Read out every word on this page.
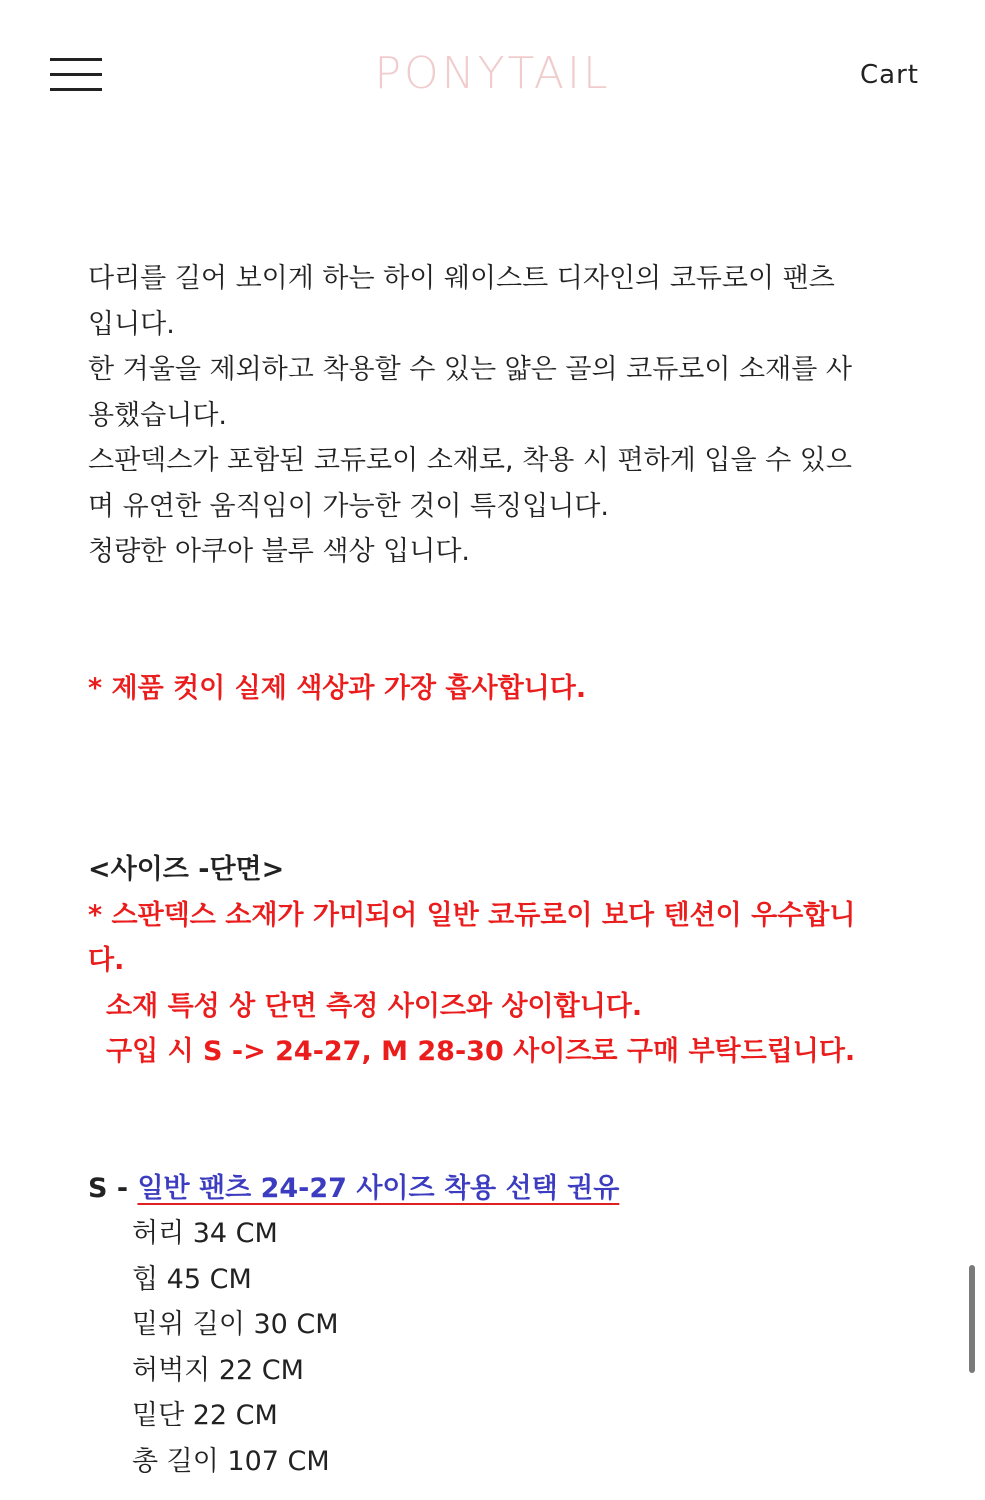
PONYTAIL	Cart

다리를 길어 보이게 하는 하이 웨이스트 디자인의 코듀로이 팬츠

입니다.

한 겨울을 제외하고 착용할 수 있는 얇은 골의 코듀로이 소재를 사

용했습니다.

스판덱스가 포함된 코듀로이 소재로, 착용 시 편하게 입을 수 있으

며 유연한 움직임이 가능한 것이 특징입니다.

청량한 아쿠아 블루 색상 입니다.

* 제품 컷이 실제 색상과 가장 흡사합니다.

<사이즈 -단면>

* 스판덱스 소재가 가미되어 일반 코듀로이 보다 텐션이 우수합니

다.

소재 특성 상 단면 측정 사이즈와 상이합니다.

구입 시 S -> 24-27, M 28-30 사이즈로 구매 부탁드립니다.

S - 일반 팬츠 24-27 사이즈 착용 선택 권유

허리 34 CM

힙 45 CM

밑위 길이 30 CM

허벅지 22 CM

밑단 22 CM

총 길이 107 CM
